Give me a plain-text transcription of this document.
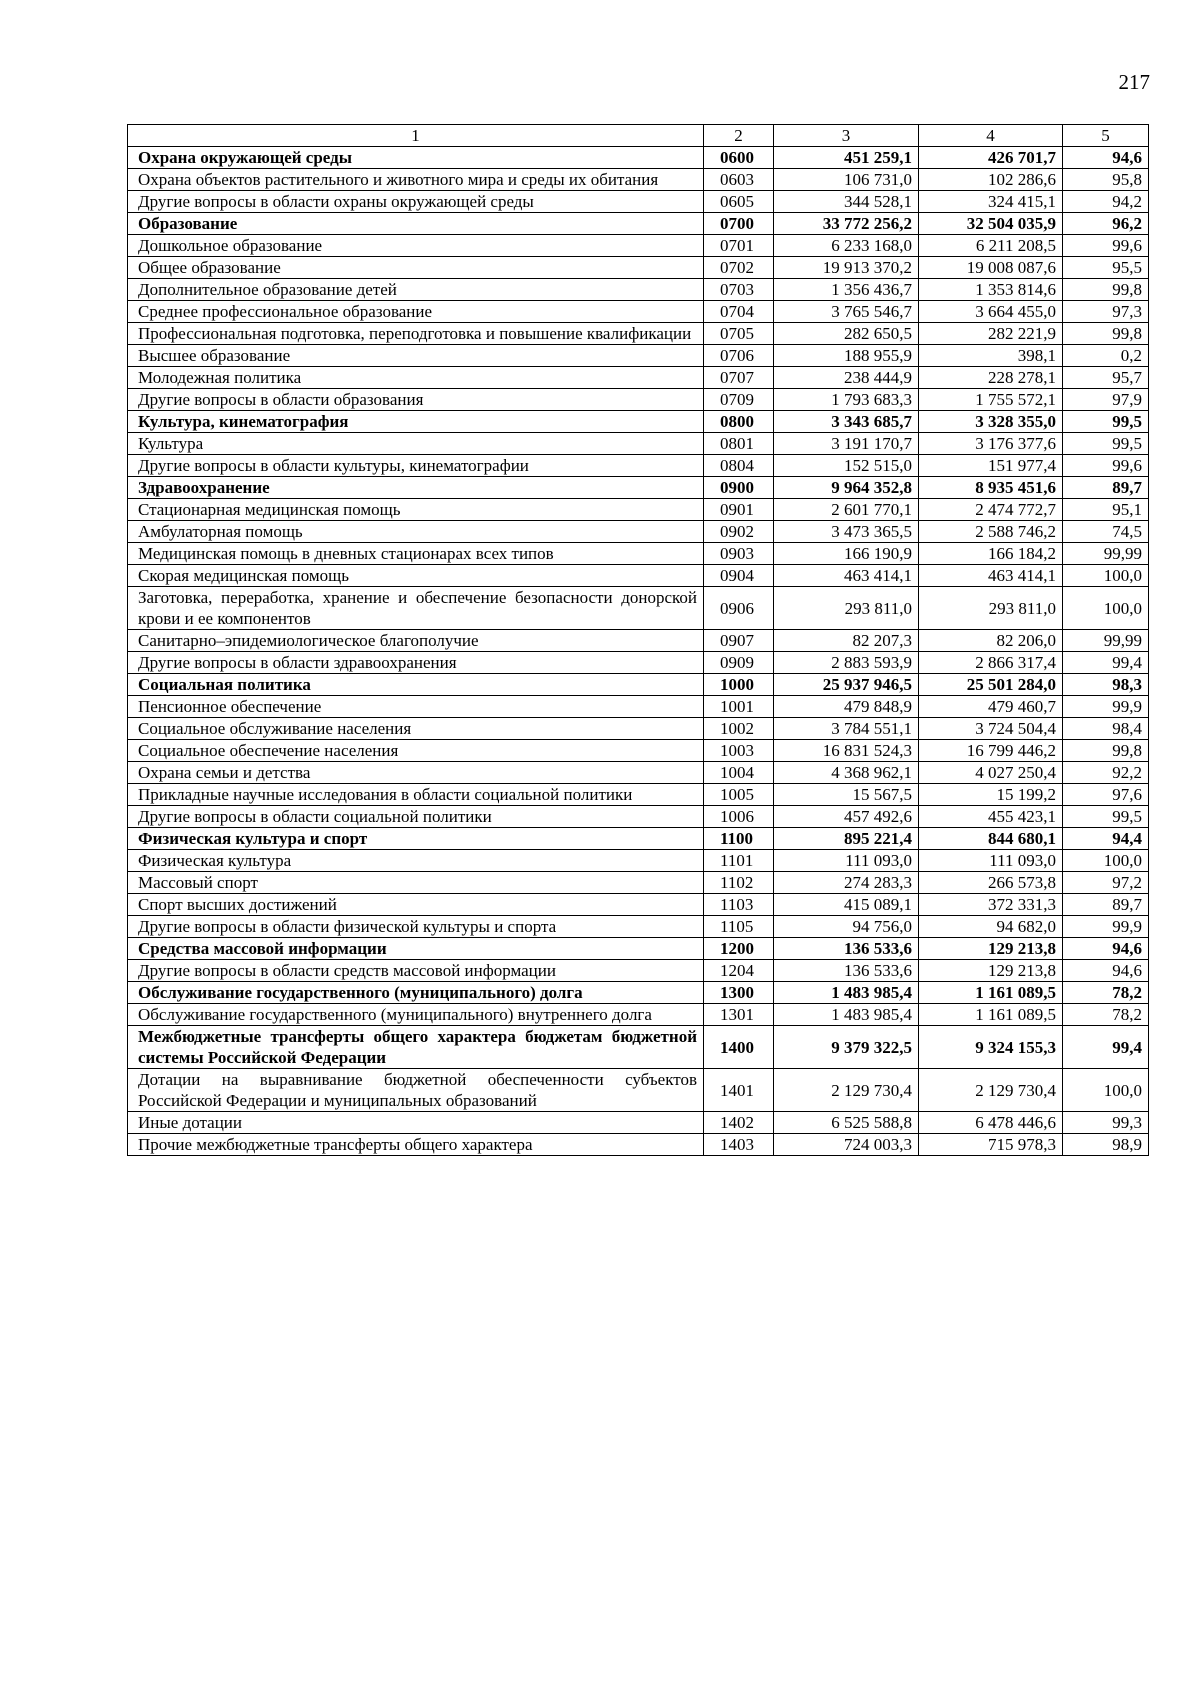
217
1	2	3	4	5
Охрана окружающей среды	0600	451 259,1	426 701,7	94,6
Охрана объектов растительного и животного мира и среды их обитания	0603	106 731,0	102 286,6	95,8
Другие вопросы в области охраны окружающей среды	0605	344 528,1	324 415,1	94,2
Образование	0700	33 772 256,2	32 504 035,9	96,2
Дошкольное образование	0701	6 233 168,0	6 211 208,5	99,6
Общее образование	0702	19 913 370,2	19 008 087,6	95,5
Дополнительное образование детей	0703	1 356 436,7	1 353 814,6	99,8
Среднее профессиональное образование	0704	3 765 546,7	3 664 455,0	97,3
Профессиональная подготовка, переподготовка и повышение квалификации	0705	282 650,5	282 221,9	99,8
Высшее образование	0706	188 955,9	398,1	0,2
Молодежная политика	0707	238 444,9	228 278,1	95,7
Другие вопросы в области образования	0709	1 793 683,3	1 755 572,1	97,9
Культура, кинематография	0800	3 343 685,7	3 328 355,0	99,5
Культура	0801	3 191 170,7	3 176 377,6	99,5
Другие вопросы в области культуры, кинематографии	0804	152 515,0	151 977,4	99,6
Здравоохранение	0900	9 964 352,8	8 935 451,6	89,7
Стационарная медицинская помощь	0901	2 601 770,1	2 474 772,7	95,1
Амбулаторная помощь	0902	3 473 365,5	2 588 746,2	74,5
Медицинская помощь в дневных стационарах всех типов	0903	166 190,9	166 184,2	99,99
Скорая медицинская помощь	0904	463 414,1	463 414,1	100,0
Заготовка, переработка, хранение и обеспечение безопасности донорской крови и ее компонентов	0906	293 811,0	293 811,0	100,0
Санитарно–эпидемиологическое благополучие	0907	82 207,3	82 206,0	99,99
Другие вопросы в области здравоохранения	0909	2 883 593,9	2 866 317,4	99,4
Социальная политика	1000	25 937 946,5	25 501 284,0	98,3
Пенсионное обеспечение	1001	479 848,9	479 460,7	99,9
Социальное обслуживание населения	1002	3 784 551,1	3 724 504,4	98,4
Социальное обеспечение населения	1003	16 831 524,3	16 799 446,2	99,8
Охрана семьи и детства	1004	4 368 962,1	4 027 250,4	92,2
Прикладные научные исследования в области социальной политики	1005	15 567,5	15 199,2	97,6
Другие вопросы в области социальной политики	1006	457 492,6	455 423,1	99,5
Физическая культура и спорт	1100	895 221,4	844 680,1	94,4
Физическая культура	1101	111 093,0	111 093,0	100,0
Массовый спорт	1102	274 283,3	266 573,8	97,2
Спорт высших достижений	1103	415 089,1	372 331,3	89,7
Другие вопросы в области физической культуры и спорта	1105	94 756,0	94 682,0	99,9
Средства массовой информации	1200	136 533,6	129 213,8	94,6
Другие вопросы в области средств массовой информации	1204	136 533,6	129 213,8	94,6
Обслуживание государственного (муниципального) долга	1300	1 483 985,4	1 161 089,5	78,2
Обслуживание государственного (муниципального) внутреннего долга	1301	1 483 985,4	1 161 089,5	78,2
Межбюджетные трансферты общего характера бюджетам бюджетной системы Российской Федерации	1400	9 379 322,5	9 324 155,3	99,4
Дотации на выравнивание бюджетной обеспеченности субъектов Российской Федерации и муниципальных образований	1401	2 129 730,4	2 129 730,4	100,0
Иные дотации	1402	6 525 588,8	6 478 446,6	99,3
Прочие межбюджетные трансферты общего характера	1403	724 003,3	715 978,3	98,9
